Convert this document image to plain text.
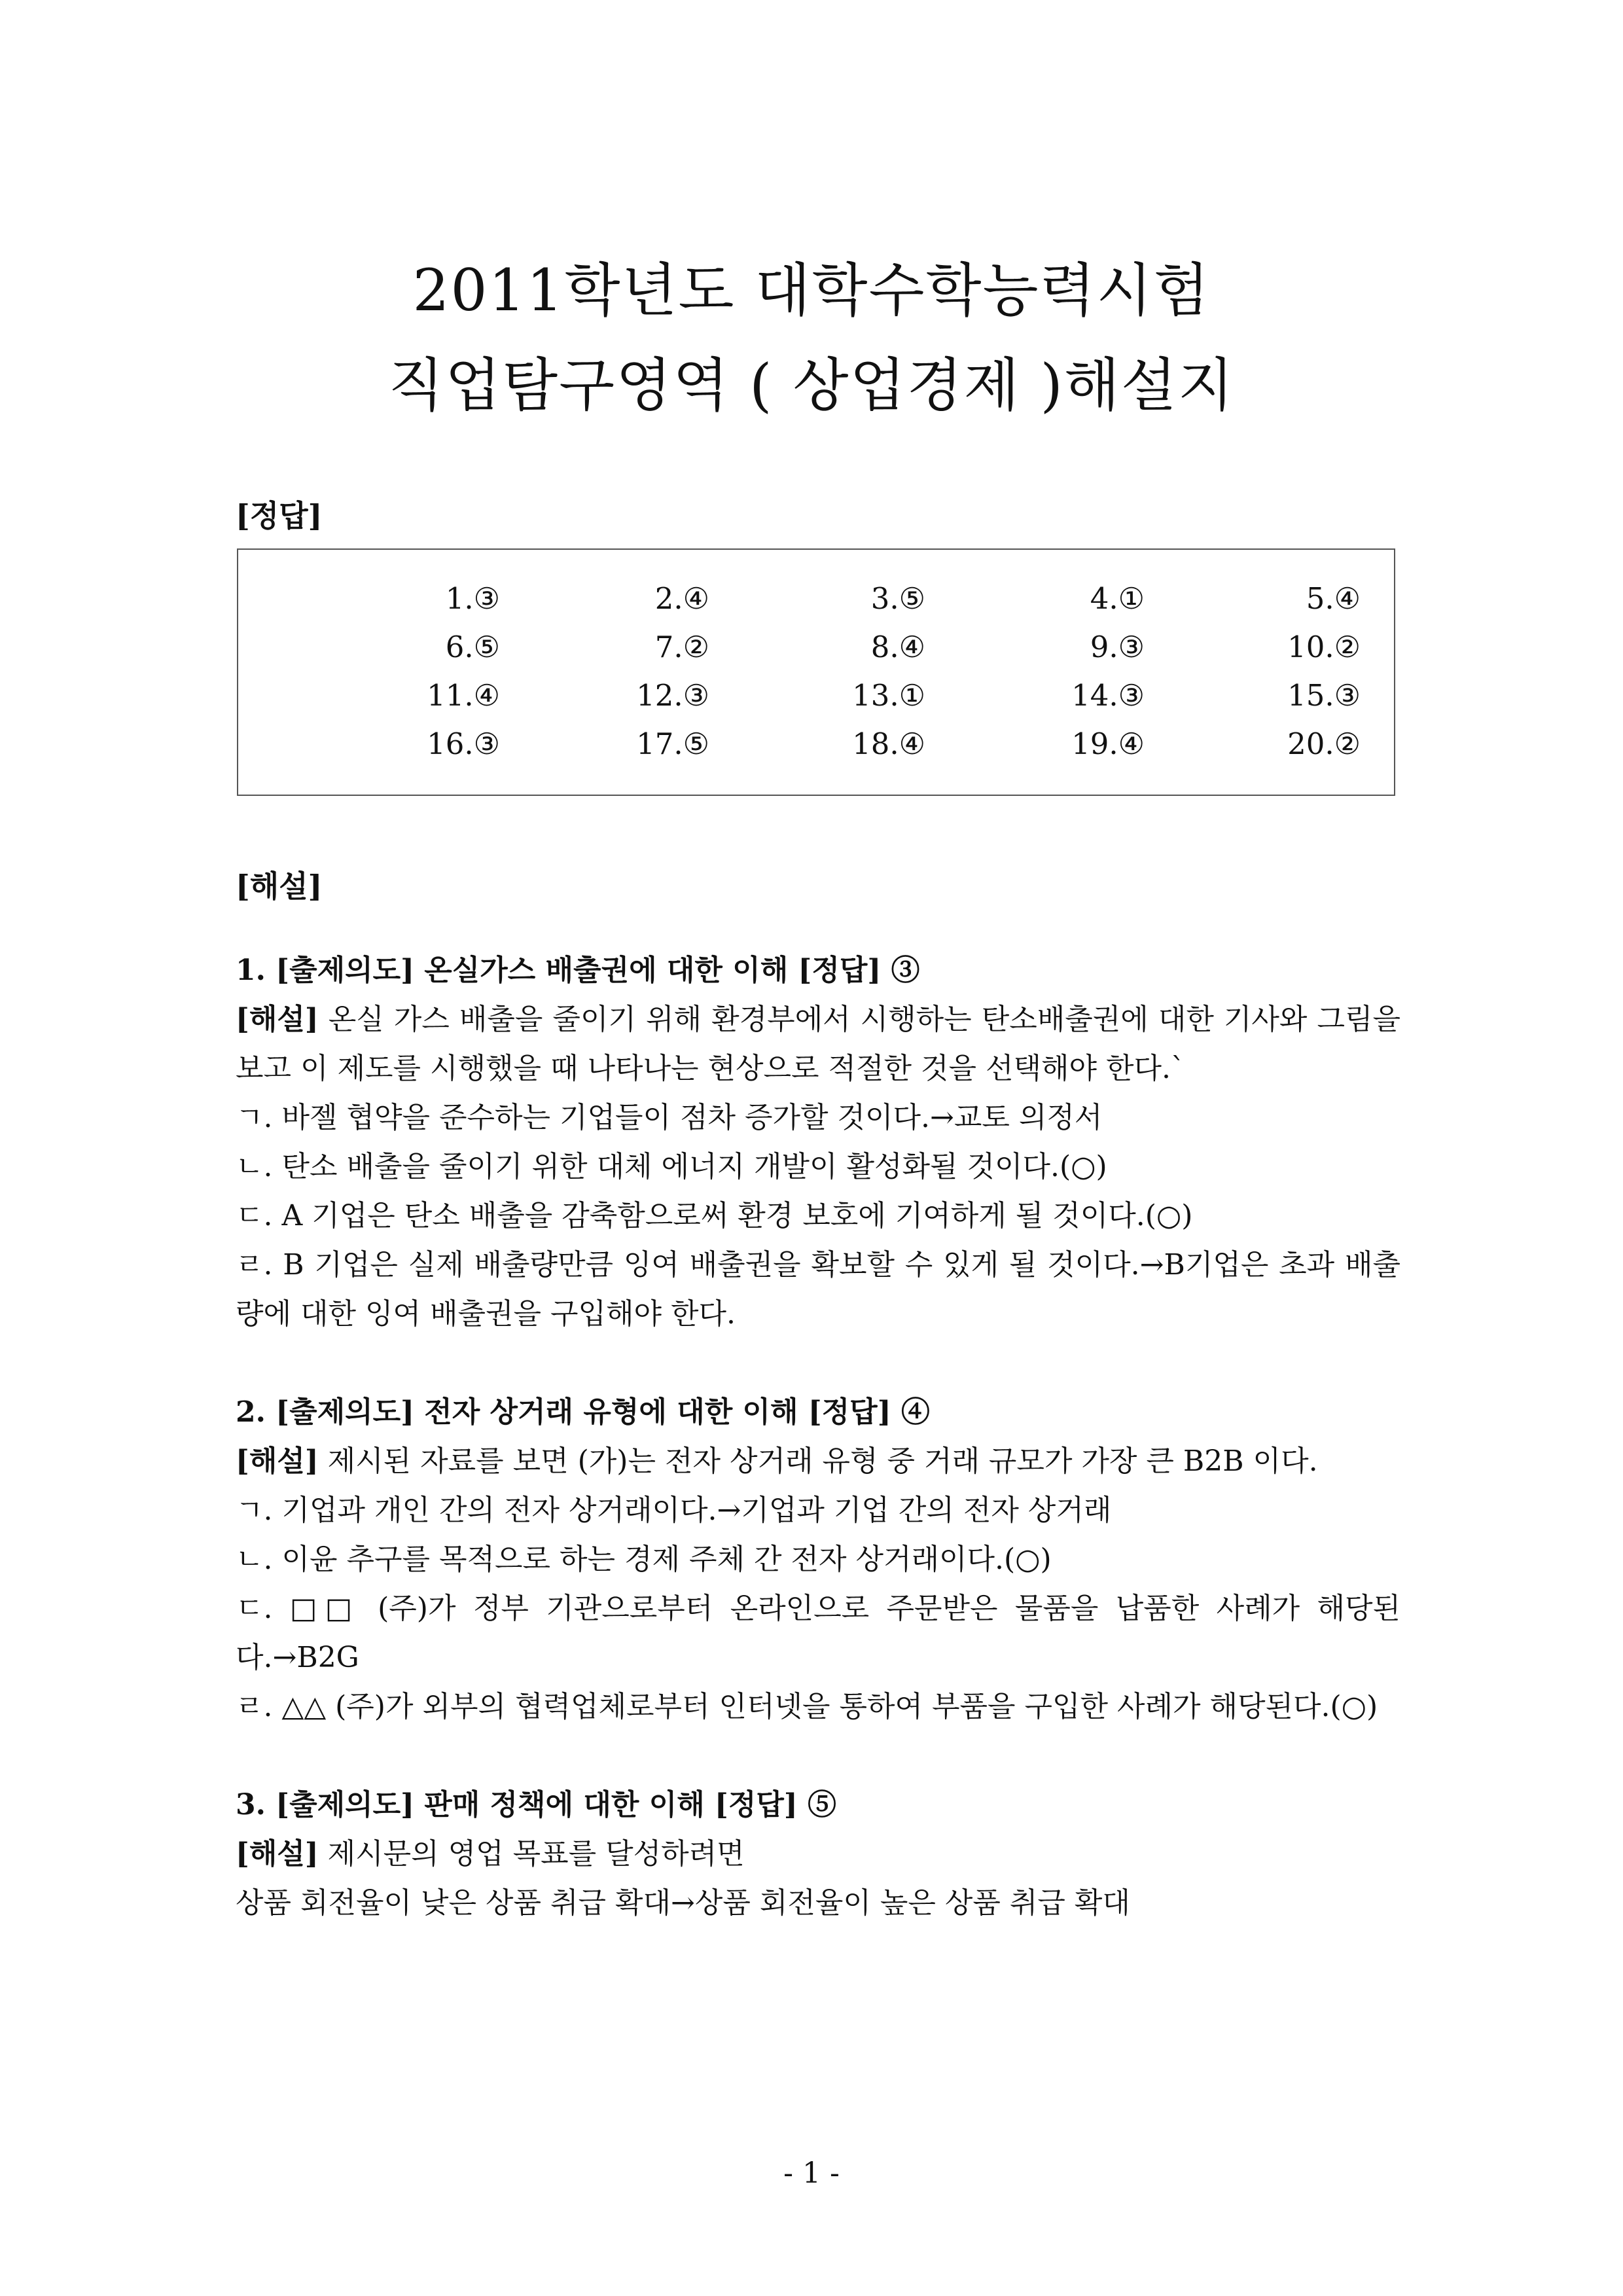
2011학년도 대학수학능력시험
직업탐구영역 ( 상업경제 )해설지
[정답]
1.③	2.④	3.⑤	4.①	5.④
6.⑤	7.②	8.④	9.③	10.②
11.④	12.③	13.①	14.③	15.③
16.③	17.⑤	18.④	19.④	20.②
[해설]

1. [출제의도] 온실가스 배출권에 대한 이해 [정답] ③

[해설] 온실 가스 배출을 줄이기 위해 환경부에서 시행하는 탄소배출권에 대한 기사와 그림을 보고 이 제도를 시행했을 때 나타나는 현상으로 적절한 것을 선택해야 한다.`

ㄱ. 바젤 협약을 준수하는 기업들이 점차 증가할 것이다.→교토 의정서

ㄴ. 탄소 배출을 줄이기 위한 대체 에너지 개발이 활성화될 것이다.(○)

ㄷ. A 기업은 탄소 배출을 감축함으로써 환경 보호에 기여하게 될 것이다.(○)

ㄹ. B 기업은 실제 배출량만큼 잉여 배출권을 확보할 수 있게 될 것이다.→B기업은 초과 배출량에 대한 잉여 배출권을 구입해야 한다.

2. [출제의도] 전자 상거래 유형에 대한 이해 [정답] ④

[해설] 제시된 자료를 보면 (가)는 전자 상거래 유형 중 거래 규모가 가장 큰 B2B 이다.

ㄱ. 기업과 개인 간의 전자 상거래이다.→기업과 기업 간의 전자 상거래

ㄴ. 이윤 추구를 목적으로 하는 경제 주체 간 전자 상거래이다.(○)

ㄷ. □□ (주)가 정부 기관으로부터 온라인으로 주문받은 물품을 납품한 사례가 해당된다.→B2G

ㄹ. △△ (주)가 외부의 협력업체로부터 인터넷을 통하여 부품을 구입한 사례가 해당된다.(○)

3. [출제의도] 판매 정책에 대한 이해 [정답] ⑤

[해설] 제시문의 영업 목표를 달성하려면

상품 회전율이 낮은 상품 취급 확대→상품 회전율이 높은 상품 취급 확대

- 1 -
